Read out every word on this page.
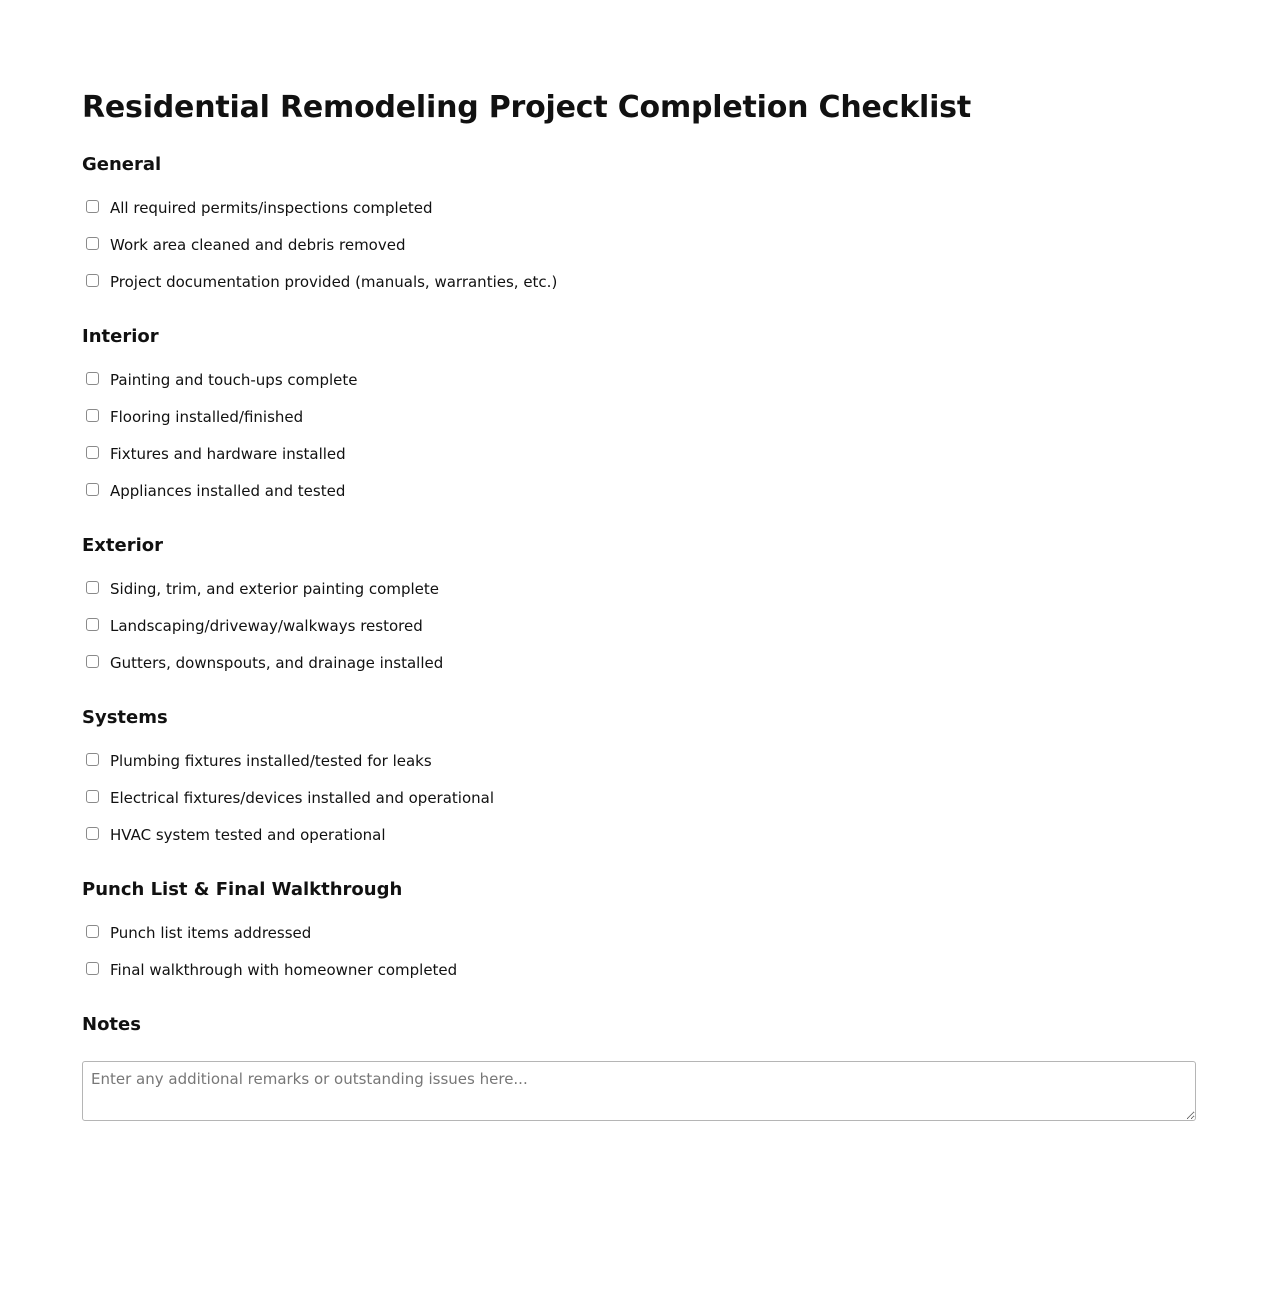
Residential Remodeling Project Completion Checklist
General
All required permits/inspections completed
Work area cleaned and debris removed
Project documentation provided (manuals, warranties, etc.)
Interior
Painting and touch-ups complete
Flooring installed/finished
Fixtures and hardware installed
Appliances installed and tested
Exterior
Siding, trim, and exterior painting complete
Landscaping/driveway/walkways restored
Gutters, downspouts, and drainage installed
Systems
Plumbing fixtures installed/tested for leaks
Electrical fixtures/devices installed and operational
HVAC system tested and operational
Punch List & Final Walkthrough
Punch list items addressed
Final walkthrough with homeowner completed
Notes
Enter any additional remarks or outstanding issues here...
